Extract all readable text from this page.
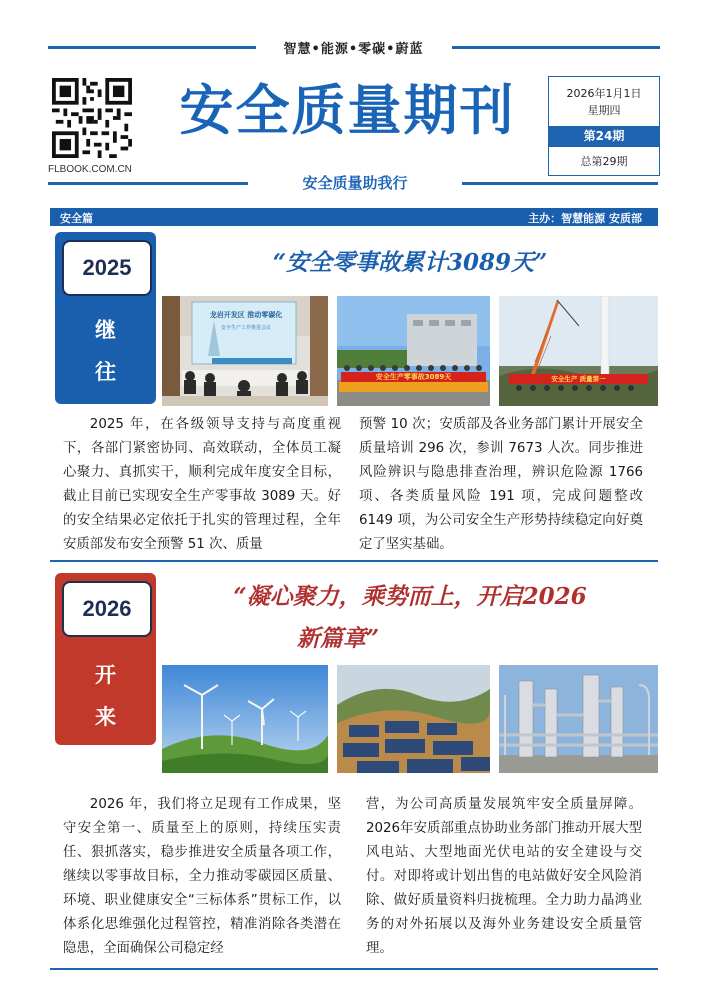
智慧•能源•零碳•蔚蓝
FLBOOK.COM.CN
安全质量期刊	2026年1月1日
星期四
第24期
总第29期
安全质量助我行
安全篇	主办：智慧能源 安质部
2025
继
往
“安全零事故累计3089天”
龙岩开发区 推动零碳化
安全生产工作推进会议
安全生产零事故3089天	安全生产 质量第一
2025 年，在各级领导支持与高度重视下，各部门紧密协同、高效联动，全体员工凝心聚力、真抓实干，顺利完成年度安全目标，截止目前已实现安全生产零事故 3089 天。好的安全结果必定依托于扎实的管理过程，全年安质部发布安全预警 51 次、质量
预警 10 次；安质部及各业务部门累计开展安全质量培训 296 次，参训 7673 人次。同步推进风险辨识与隐患排查治理，辨识危险源 1766 项、各类质量风险 191 项，完成问题整改 6149 项，为公司安全生产形势持续稳定向好奠定了坚实基础。
2026
开
来
“凝心聚力，乘势而上，开启2026
新篇章”
2026 年，我们将立足现有工作成果，坚守安全第一、质量至上的原则，持续压实责任、狠抓落实，稳步推进安全质量各项工作，继续以零事故目标，全力推动零碳园区质量、环境、职业健康安全“三标体系”贯标工作，以体系化思维强化过程管控，精准消除各类潜在隐患，全面确保公司稳定经
营，为公司高质量发展筑牢安全质量屏障。2026年安质部重点协助业务部门推动开展大型风电站、大型地面光伏电站的安全建设与交付。对即将或计划出售的电站做好安全风险消除、做好质量资料归拢梳理。全力助力晶鸿业务的对外拓展以及海外业务建设安全质量管理。
